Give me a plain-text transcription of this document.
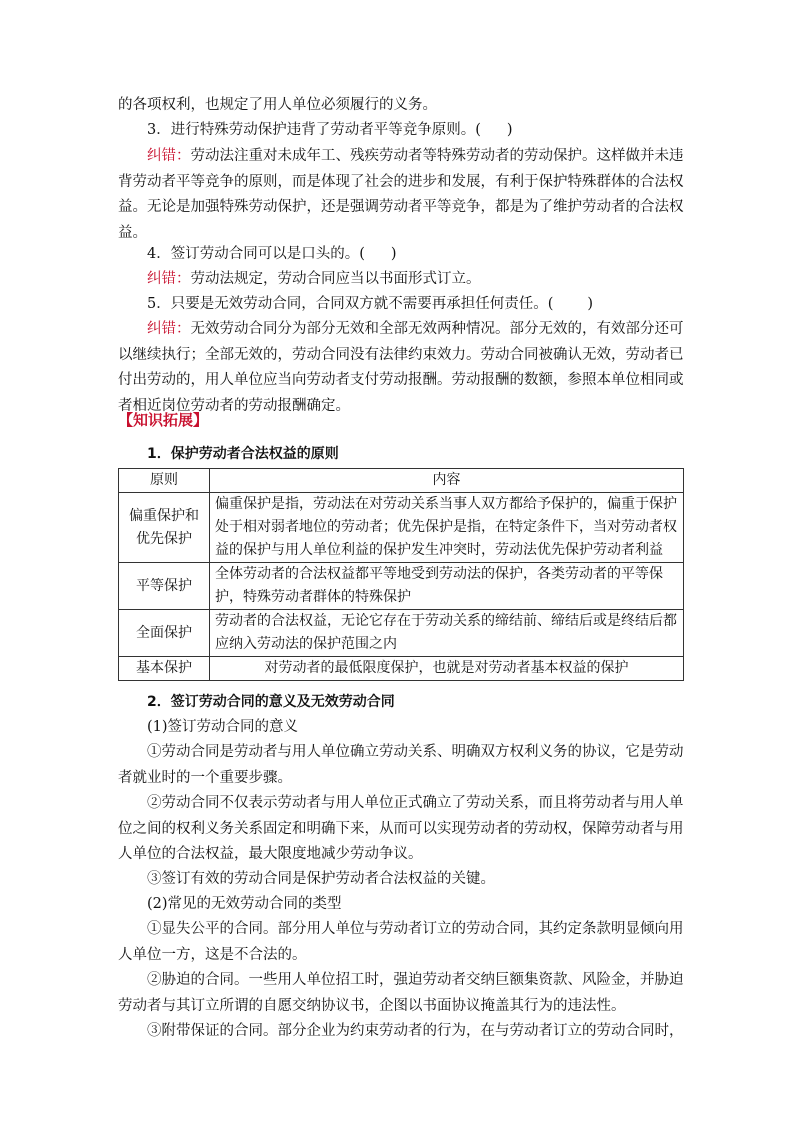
的各项权利，也规定了用人单位必须履行的义务。

3．进行特殊劳动保护违背了劳动者平等竞争原则。( )

纠错：劳动法注重对未成年工、残疾劳动者等特殊劳动者的劳动保护。这样做并未违背劳动者平等竞争的原则，而是体现了社会的进步和发展，有利于保护特殊群体的合法权益。无论是加强特殊劳动保护，还是强调劳动者平等竞争，都是为了维护劳动者的合法权益。

4．签订劳动合同可以是口头的。( )

纠错：劳动法规定，劳动合同应当以书面形式订立。

5．只要是无效劳动合同，合同双方就不需要再承担任何责任。( )

纠错：无效劳动合同分为部分无效和全部无效两种情况。部分无效的，有效部分还可以继续执行；全部无效的，劳动合同没有法律约束效力。劳动合同被确认无效，劳动者已付出劳动的，用人单位应当向劳动者支付劳动报酬。劳动报酬的数额，参照本单位相同或者相近岗位劳动者的劳动报酬确定。

【知识拓展】

1．保护劳动者合法权益的原则

原则	内容
偏重保护和优先保护	偏重保护是指，劳动法在对劳动关系当事人双方都给予保护的，偏重于保护处于相对弱者地位的劳动者；优先保护是指，在特定条件下，当对劳动者权益的保护与用人单位利益的保护发生冲突时，劳动法优先保护劳动者利益
平等保护	全体劳动者的合法权益都平等地受到劳动法的保护，各类劳动者的平等保护，特殊劳动者群体的特殊保护
全面保护	劳动者的合法权益，无论它存在于劳动关系的缔结前、缔结后或是终结后都应纳入劳动法的保护范围之内
基本保护	对劳动者的最低限度保护，也就是对劳动者基本权益的保护

2．签订劳动合同的意义及无效劳动合同

(1)签订劳动合同的意义

①劳动合同是劳动者与用人单位确立劳动关系、明确双方权利义务的协议，它是劳动者就业时的一个重要步骤。

②劳动合同不仅表示劳动者与用人单位正式确立了劳动关系，而且将劳动者与用人单位之间的权利义务关系固定和明确下来，从而可以实现劳动者的劳动权，保障劳动者与用人单位的合法权益，最大限度地减少劳动争议。

③签订有效的劳动合同是保护劳动者合法权益的关键。

(2)常见的无效劳动合同的类型

①显失公平的合同。部分用人单位与劳动者订立的劳动合同，其约定条款明显倾向用人单位一方，这是不合法的。

②胁迫的合同。一些用人单位招工时，强迫劳动者交纳巨额集资款、风险金，并胁迫劳动者与其订立所谓的自愿交纳协议书，企图以书面协议掩盖其行为的违法性。

③附带保证的合同。部分企业为约束劳动者的行为，在与劳动者订立的劳动合同时，
